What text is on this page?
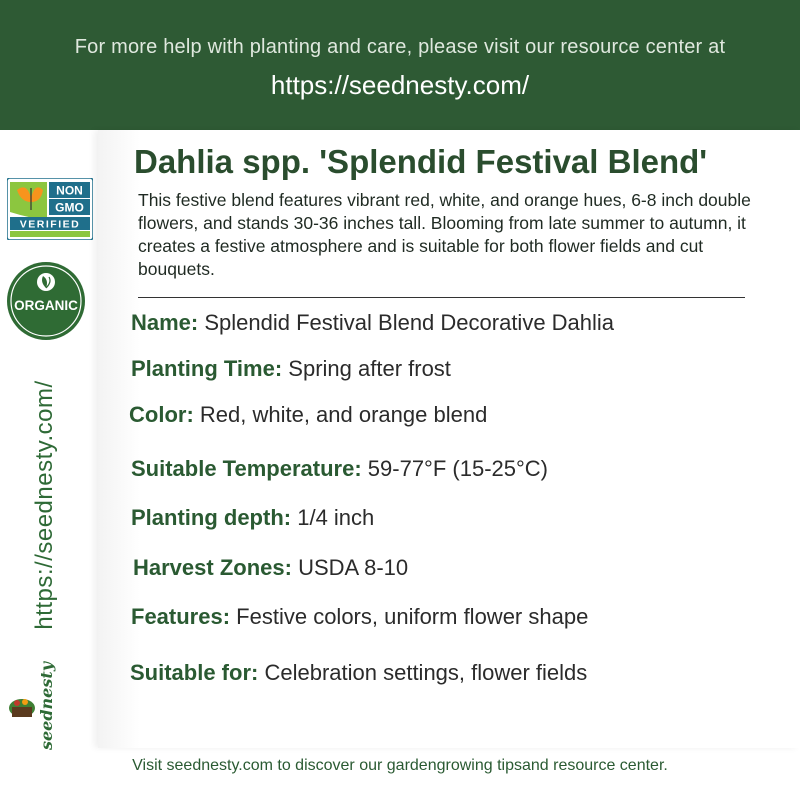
For more help with planting and care, please visit our resource center at
https://seednesty.com/
NON
GMO
VERIFIED
ORGANIC
https://seednesty.com/
seednesty
Dahlia spp. 'Splendid Festival Blend'
This festive blend features vibrant red, white, and orange hues, 6-8 inch double flowers, and stands 30-36 inches tall. Blooming from late summer to autumn, it creates a festive atmosphere and is suitable for both flower fields and cut bouquets.
Name: Splendid Festival Blend Decorative Dahlia
Planting Time: Spring after frost
Color: Red, white, and orange blend
Suitable Temperature: 59-77°F (15-25°C)
Planting depth: 1/4 inch
Harvest Zones: USDA 8-10
Features: Festive colors, uniform flower shape
Suitable for: Celebration settings, flower fields
Visit seednesty.com to discover our gardengrowing tipsand resource center.
